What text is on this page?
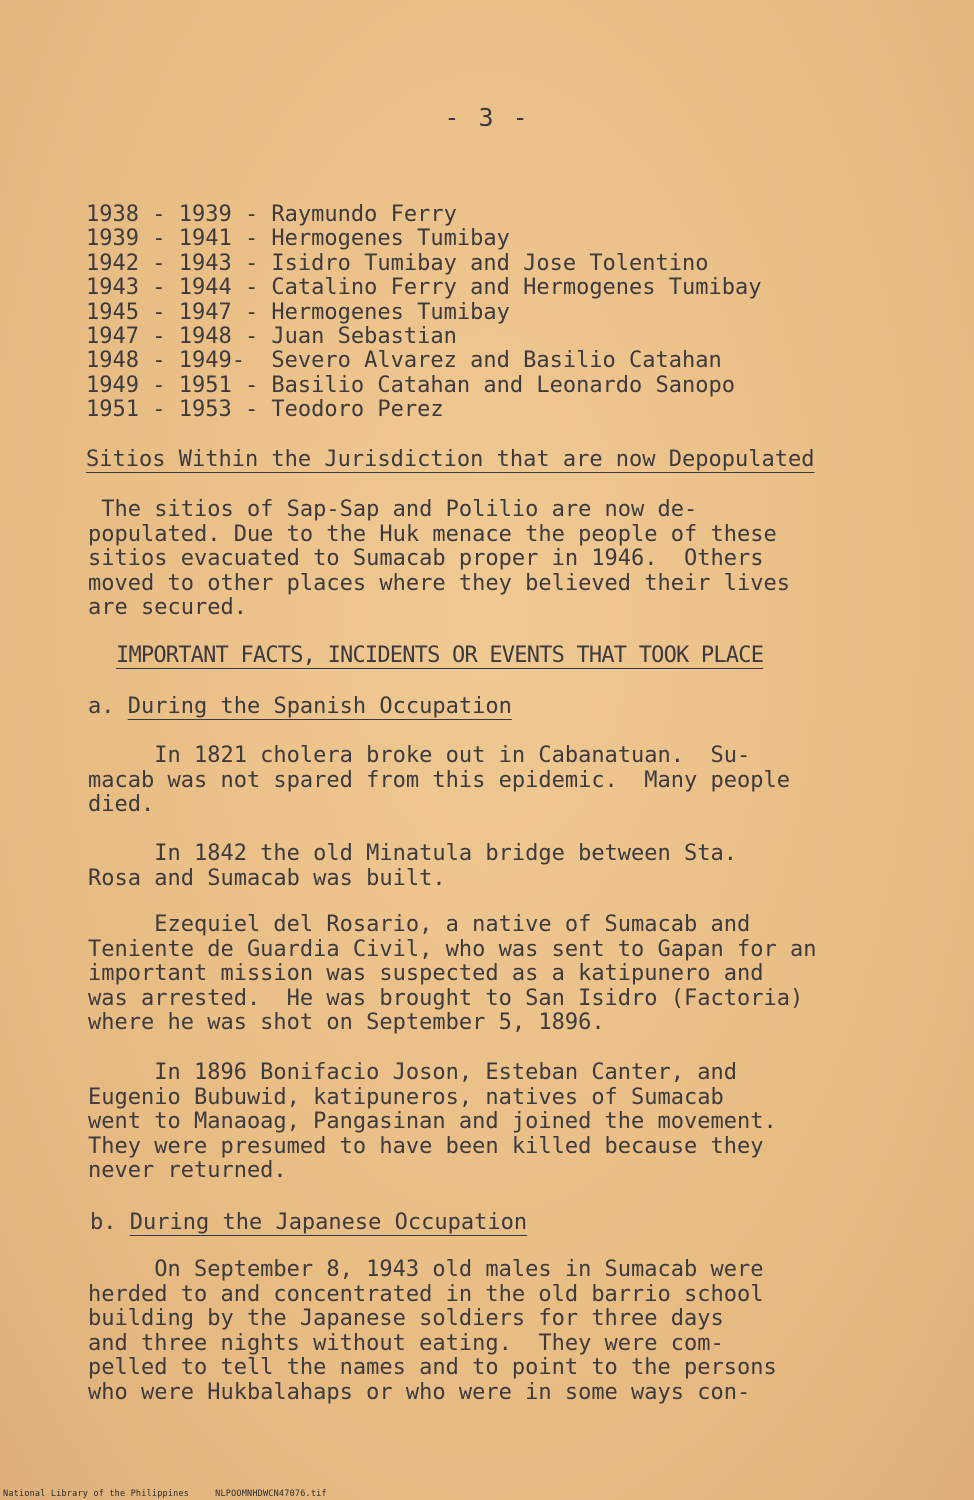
- 3 -
1938 - 1939 - Raymundo Ferry
1939 - 1941 - Hermogenes Tumibay
1942 - 1943 - Isidro Tumibay and Jose Tolentino
1943 - 1944 - Catalino Ferry and Hermogenes Tumibay
1945 - 1947 - Hermogenes Tumibay
1947 - 1948 - Juan Sebastian
1948 - 1949-  Severo Alvarez and Basilio Catahan
1949 - 1951 - Basilio Catahan and Leonardo Sanopo
1951 - 1953 - Teodoro Perez
Sitios Within the Jurisdiction that are now Depopulated
The sitios of Sap-Sap and Polilio are now de-
populated. Due to the Huk menace the people of these
sitios evacuated to Sumacab proper in 1946.  Others
moved to other places where they believed their lives
are secured.
IMPORTANT FACTS, INCIDENTS OR EVENTS THAT TOOK PLACE
a. During the Spanish Occupation
In 1821 cholera broke out in Cabanatuan.  Su-
macab was not spared from this epidemic.  Many people
died.
In 1842 the old Minatula bridge between Sta.
Rosa and Sumacab was built.
Ezequiel del Rosario, a native of Sumacab and
Teniente de Guardia Civil, who was sent to Gapan for an
important mission was suspected as a katipunero and
was arrested.  He was brought to San Isidro (Factoria)
where he was shot on September 5, 1896.
In 1896 Bonifacio Joson, Esteban Canter, and
Eugenio Bubuwid, katipuneros, natives of Sumacab
went to Manaoag, Pangasinan and joined the movement.
They were presumed to have been killed because they
never returned.
b. During the Japanese Occupation
On September 8, 1943 old males in Sumacab were
herded to and concentrated in the old barrio school
building by the Japanese soldiers for three days
and three nights without eating.  They were com-
pelled to tell the names and to point to the persons
who were Hukbalahaps or who were in some ways con-
National Library of the Philippines	NLPOOMNHDWCN47076.tif
